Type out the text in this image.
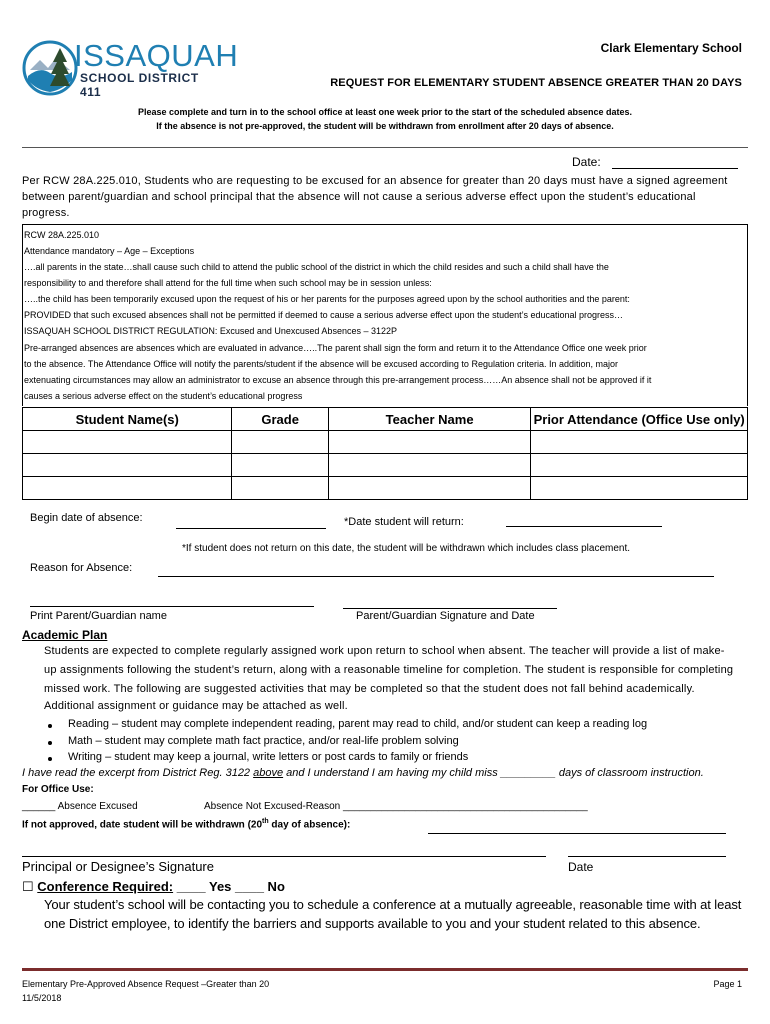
ISSAQUAH
SCHOOL DISTRICT 411
Clark Elementary School
REQUEST FOR ELEMENTARY STUDENT ABSENCE GREATER THAN 20 DAYS
Please complete and turn in to the school office at least one week prior to the start of the scheduled absence dates.
If the absence is not pre-approved, the student will be withdrawn from enrollment after 20 days of absence.
Date:
Per RCW 28A.225.010, Students who are requesting to be excused for an absence for greater than 20 days must have a signed agreement
between parent/guardian and school principal that the absence will not cause a serious adverse effect upon the student’s educational
progress.
RCW 28A.225.010
Attendance mandatory – Age – Exceptions
….all parents in the state…shall cause such child to attend the public school of the district in which the child resides and such a child shall have the
responsibility to and therefore shall attend for the full time when such school may be in session unless:
…..the child has been temporarily excused upon the request of his or her parents for the purposes agreed upon by the school authorities and the parent:
PROVIDED that such excused absences shall not be permitted if deemed to cause a serious adverse effect upon the student’s educational progress…
ISSAQUAH SCHOOL DISTRICT REGULATION: Excused and Unexcused Absences – 3122P
Pre-arranged absences are absences which are evaluated in advance…..The parent shall sign the form and return it to the Attendance Office one week prior
to the absence. The Attendance Office will notify the parents/student if the absence will be excused according to Regulation criteria. In addition, major
extenuating circumstances may allow an administrator to excuse an absence through this pre-arrangement process……An absence shall not be approved if it
causes a serious adverse effect on the student’s educational progress
Student Name(s)	Grade	Teacher Name	Prior Attendance (Office Use only)

Begin date of absence:	*Date student will return:
*If student does not return on this date, the student will be withdrawn which includes class placement.
Reason for Absence:
Print Parent/Guardian name	Parent/Guardian Signature and Date
Academic Plan
Students are expected to complete regularly assigned work upon return to school when absent. The teacher will provide a list of make-
up assignments following the student’s return, along with a reasonable timeline for completion. The student is responsible for completing
missed work. The following are suggested activities that may be completed so that the student does not fall behind academically.
Additional assignment or guidance may be attached as well.
Reading – student may complete independent reading, parent may read to child, and/or student can keep a reading log
Math – student may complete math fact practice, and/or real-life problem solving
Writing – student may keep a journal, write letters or post cards to family or friends
I have read the excerpt from District Reg. 3122 above and I understand I am having my child miss _________ days of classroom instruction.
For Office Use:
______ Absence Excused	Absence Not Excused-Reason ____________________________________________
If not approved, date student will be withdrawn (20th day of absence):
Principal or Designee’s Signature	Date
☐ Conference Required: ____ Yes ____ No
Your student’s school will be contacting you to schedule a conference at a mutually agreeable, reasonable time with at least
one District employee, to identify the barriers and supports available to you and your student related to this absence.
Elementary Pre-Approved Absence Request –Greater than 20
11/5/2018
Page 1
